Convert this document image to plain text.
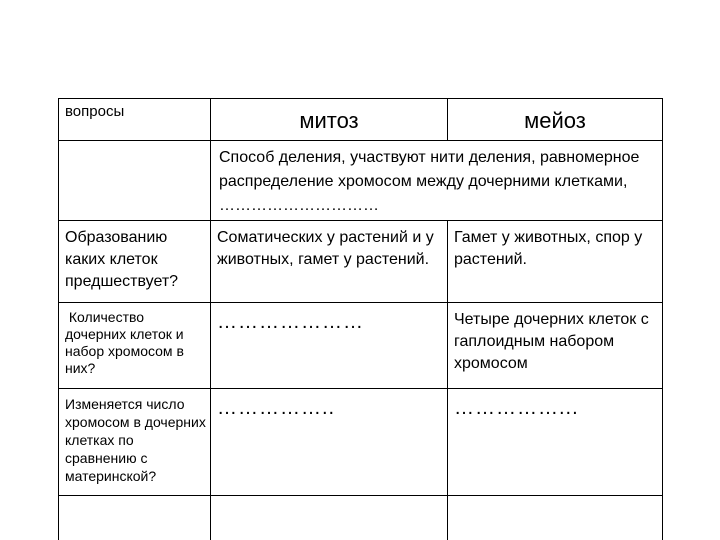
вопросы	митоз	мейоз
	Способ деления, участвуют нити деления, равномерное распределение хромосом между дочерними клетками, …………………………	
Образованию каких клеток предшествует?	Соматических у растений и у животных, гамет у растений.	Гамет у животных, спор у растений.
Количество дочерних клеток и набор хромосом в них?	…………………	Четыре дочерних клеток с гаплоидным набором хромосом
Изменяется число хромосом в дочерних клетках по сравнению с материнской?	……………..	……………...
